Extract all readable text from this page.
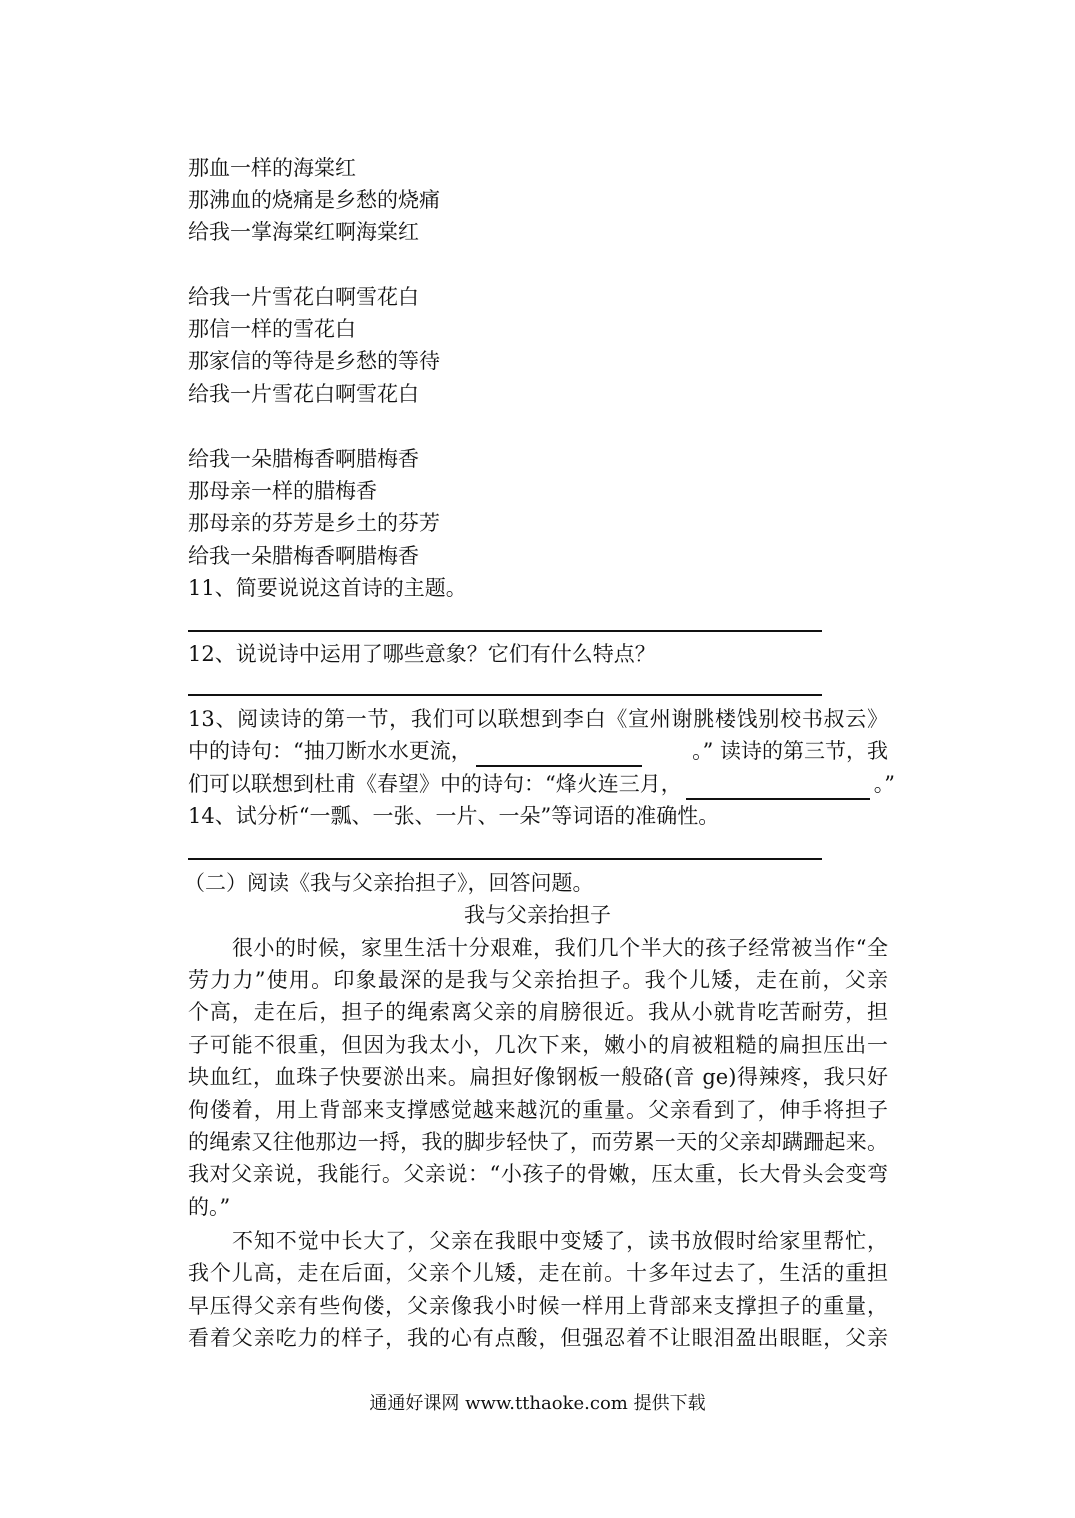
那血一样的海棠红
那沸血的烧痛是乡愁的烧痛
给我一掌海棠红啊海棠红
给我一片雪花白啊雪花白
那信一样的雪花白
那家信的等待是乡愁的等待
给我一片雪花白啊雪花白
给我一朵腊梅香啊腊梅香
那母亲一样的腊梅香
那母亲的芬芳是乡土的芬芳
给我一朵腊梅香啊腊梅香
11、简要说说这首诗的主题。
12、说说诗中运用了哪些意象？它们有什么特点？
13、阅读诗的第一节，我们可以联想到李白《宣州谢朓楼饯别校书叔云》
中的诗句：“抽刀断水水更流，	。” 读诗的第三节，我
们可以联想到杜甫《春望》中的诗句：“烽火连三月，	。”
14、试分析“一瓢、一张、一片、一朵”等词语的准确性。
（二）阅读《我与父亲抬担子》，回答问题。
我与父亲抬担子
很小的时候，家里生活十分艰难，我们几个半大的孩子经常被当作“全
劳力力”使用。印象最深的是我与父亲抬担子。我个儿矮，走在前，父亲
个高，走在后，担子的绳索离父亲的肩膀很近。我从小就肯吃苦耐劳，担
子可能不很重，但因为我太小，几次下来，嫩小的肩被粗糙的扁担压出一
块血红，血珠子快要淤出来。扁担好像钢板一般硌(音 ge)得辣疼，我只好
佝偻着，用上背部来支撑感觉越来越沉的重量。父亲看到了，伸手将担子
的绳索又往他那边一捋，我的脚步轻快了，而劳累一天的父亲却蹒跚起来。
我对父亲说，我能行。父亲说：“小孩子的骨嫩，压太重，长大骨头会变弯
的。”
不知不觉中长大了，父亲在我眼中变矮了，读书放假时给家里帮忙，
我个儿高，走在后面，父亲个儿矮，走在前。十多年过去了，生活的重担
早压得父亲有些佝偻，父亲像我小时候一样用上背部来支撑担子的重量，
看着父亲吃力的样子，我的心有点酸，但强忍着不让眼泪盈出眼眶，父亲
通通好课网 www.tthaoke.com 提供下载
